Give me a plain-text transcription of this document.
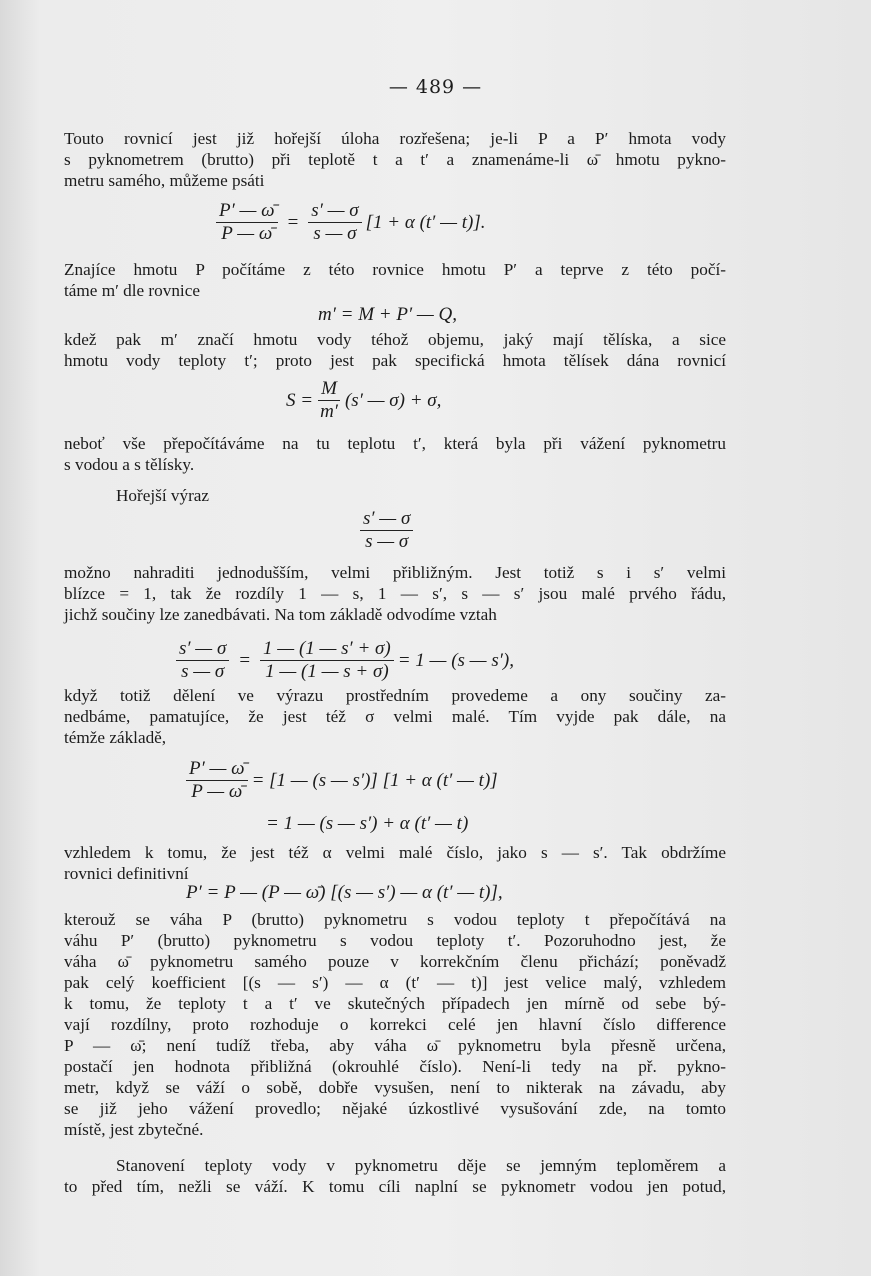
— 489 —
Touto rovnicí jest již hořejší úloha rozřešena; je-li P a P′ hmota vody
s pyknometrem (brutto) při teplotě t a t′ a znamenáme-li ω̄ hmotu pykno-
metru samého, můžeme psáti
$\frac{P' — \omegā}{P — \omegā} = \frac{s' — \sigma}{s — \sigma} [1 + \alpha$ (t′ — t)].
Znajíce hmotu P počítáme z této rovnice hmotu P′ a teprve z této počí-
táme m′ dle rovnice
m′ = M + P′ — Q,
kdež pak m′ značí hmotu vody téhož objemu, jaký mají tělíska, a sice
hmotu vody teploty t′; proto jest pak specifická hmota tělísek dána rovnicí
$S = \frac{M}{m'} (s'$ — σ) + σ,
neboť vše přepočítáváme na tu teplotu t′, která byla při vážení pyknometru
s vodou a s tělísky.
Hořejší výraz
$\frac{s' — \sigma}{s — \sigma}$
možno nahraditi jednodušším, velmi přibližným. Jest totiž s i s′ velmi
blízce = 1, tak že rozdíly 1 — s, 1 — s′, s — s′ jsou malé prvého řádu,
jichž součiny lze zanedbávati. Na tom základě odvodíme vztah
$\frac{s' — \sigma}{s — \sigma} = \frac{1 — (1 — s' + \sigma)}{1 — (1 — s + \sigma)} = 1$ — (s — s′),
když totiž dělení ve výrazu prostředním provedeme a ony součiny za-
nedbáme, pamatujíce, že jest též σ velmi malé. Tím vyjde pak dále, na
témže základě,
$\frac{P' — \omegā}{P — \omegā} = [1$ — (s — s′)] [1 + α (t′ — t)]
= 1 — (s — s′) + α (t′ — t)
vzhledem k tomu, že jest též α velmi malé číslo, jako s — s′. Tak obdržíme
rovnici definitivní
P′ = P — (P — ω̄) [(s — s′) — α (t′ — t)],
kterouž se váha P (brutto) pyknometru s vodou teploty t přepočítává na
váhu P′ (brutto) pyknometru s vodou teploty t′. Pozoruhodno jest, že
váha ω̄ pyknometru samého pouze v korrekčním členu přichází; poněvadž
pak celý koefficient [(s — s′) — α (t′ — t)] jest velice malý, vzhledem
k tomu, že teploty t a t′ ve skutečných případech jen mírně od sebe bý-
vají rozdílny, proto rozhoduje o korrekci celé jen hlavní číslo difference
P — ω̄; není tudíž třeba, aby váha ω̄ pyknometru byla přesně určena,
postačí jen hodnota přibližná (okrouhlé číslo). Není-li tedy na př. pykno-
metr, když se váží o sobě, dobře vysušen, není to nikterak na závadu, aby
se již jeho vážení provedlo; nějaké úzkostlivé vysušování zde, na tomto
místě, jest zbytečné.
Stanovení teploty vody v pyknometru děje se jemným teploměrem a
to před tím, nežli se váží. K tomu cíli naplní se pyknometr vodou jen potud,
